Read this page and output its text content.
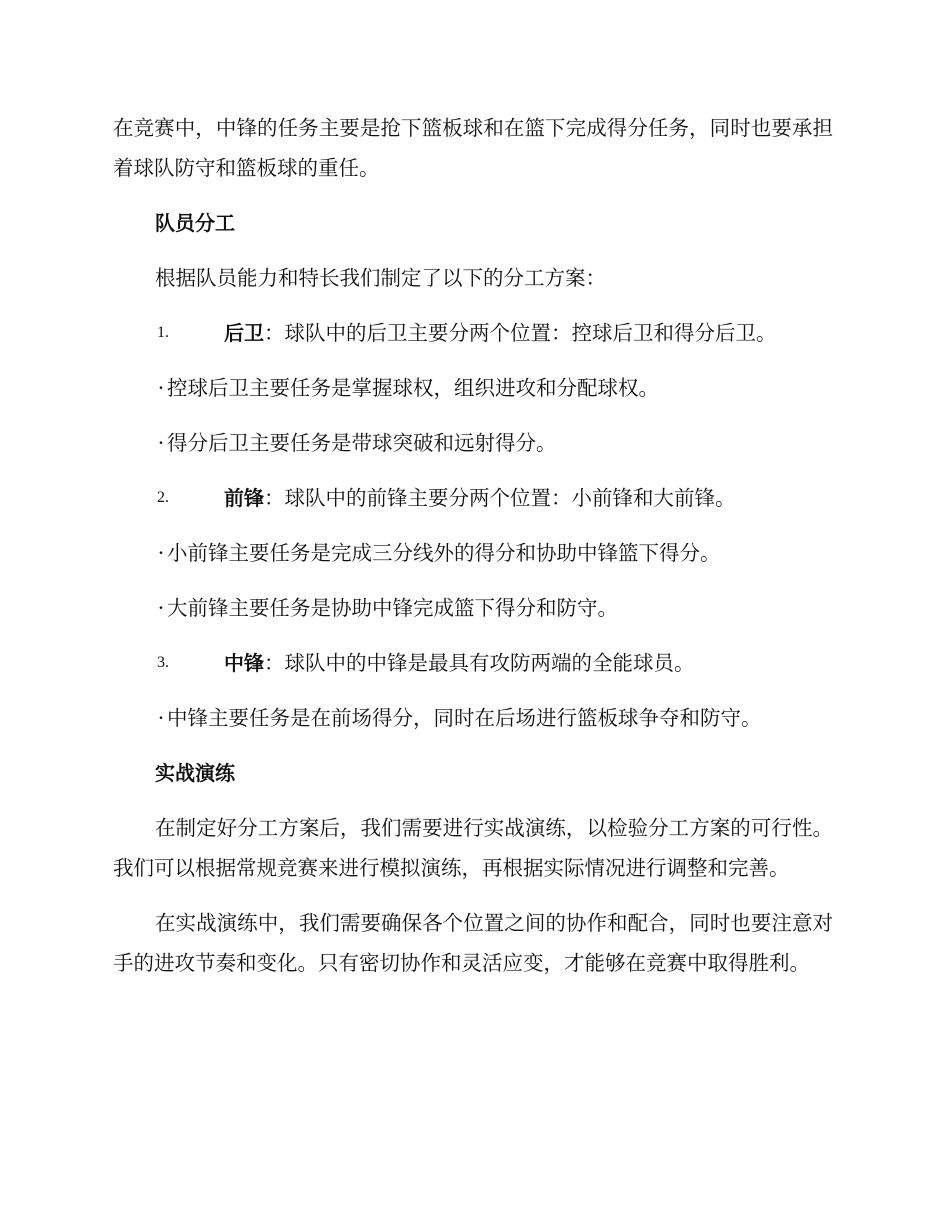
在竞赛中，中锋的任务主要是抢下篮板球和在篮下完成得分任务，同时也要承担着球队防守和篮板球的重任。

队员分工
根据队员能力和特长我们制定了以下的分工方案：
1.	后卫：球队中的后卫主要分两个位置：控球后卫和得分后卫。
· 控球后卫主要任务是掌握球权，组织进攻和分配球权。
· 得分后卫主要任务是带球突破和远射得分。
2.	前锋：球队中的前锋主要分两个位置：小前锋和大前锋。
· 小前锋主要任务是完成三分线外的得分和协助中锋篮下得分。
· 大前锋主要任务是协助中锋完成篮下得分和防守。
3.	中锋：球队中的中锋是最具有攻防两端的全能球员。
· 中锋主要任务是在前场得分，同时在后场进行篮板球争夺和防守。
实战演练

在制定好分工方案后，我们需要进行实战演练，以检验分工方案的可行性。我们可以根据常规竞赛来进行模拟演练，再根据实际情况进行调整和完善。

在实战演练中，我们需要确保各个位置之间的协作和配合，同时也要注意对手的进攻节奏和变化。只有密切协作和灵活应变，才能够在竞赛中取得胜利。
